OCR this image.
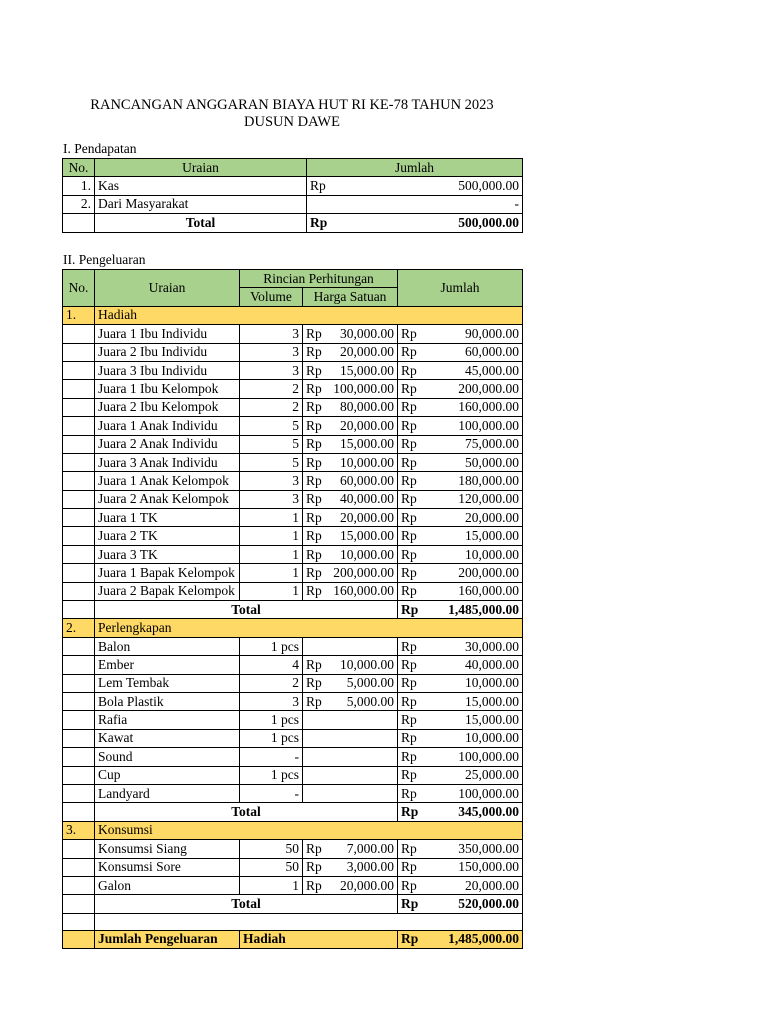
RANCANGAN ANGGARAN BIAYA HUT RI KE-78 TAHUN 2023
DUSUN DAWE
I. Pendapatan
No.	Uraian	Jumlah
1.	Kas	Rp 500,000.00

2.	Dari Masyarakat	-

	Total	Rp 500,000.00
II. Pengeluaran
No.	Uraian	Rincian Perhitungan		Jumlah
		Volume	Harga Satuan	
1.	Hadiah			
	Juara 1 Ibu Individu	3	Rp 30,000.00	Rp 90,000.00

	Juara 2 Ibu Individu	3	Rp 20,000.00	Rp 60,000.00

	Juara 3 Ibu Individu	3	Rp 15,000.00	Rp 45,000.00

	Juara 1 Ibu Kelompok	2	Rp 100,000.00	Rp 200,000.00

	Juara 2 Ibu Kelompok	2	Rp 80,000.00	Rp 160,000.00

	Juara 1 Anak Individu	5	Rp 20,000.00	Rp 100,000.00

	Juara 2 Anak Individu	5	Rp 15,000.00	Rp 75,000.00

	Juara 3 Anak Individu	5	Rp 10,000.00	Rp 50,000.00

	Juara 1 Anak Kelompok	3	Rp 60,000.00	Rp 180,000.00

	Juara 2 Anak Kelompok	3	Rp 40,000.00	Rp 120,000.00

	Juara 1 TK	1	Rp 20,000.00	Rp 20,000.00

	Juara 2 TK	1	Rp 15,000.00	Rp 15,000.00

	Juara 3 TK	1	Rp 10,000.00	Rp 10,000.00

	Juara 1 Bapak Kelompok	1	Rp 200,000.00	Rp 200,000.00

	Juara 2 Bapak Kelompok	1	Rp 160,000.00	Rp 160,000.00

	Total			Rp 1,485,000.00

2.	Perlengkapan			
	Balon	1 pcs		Rp 30,000.00

	Ember	4	Rp 10,000.00	Rp 40,000.00

	Lem Tembak	2	Rp 5,000.00	Rp 10,000.00

	Bola Plastik	3	Rp 5,000.00	Rp 15,000.00

	Rafia	1 pcs		Rp 15,000.00

	Kawat	1 pcs		Rp 10,000.00

	Sound	-		Rp 100,000.00

	Cup	1 pcs		Rp 25,000.00

	Landyard	-		Rp 100,000.00

	Total			Rp 345,000.00

3.	Konsumsi			
	Konsumsi Siang	50	Rp 7,000.00	Rp 350,000.00

	Konsumsi Sore	50	Rp 3,000.00	Rp 150,000.00

	Galon	1	Rp 20,000.00	Rp 20,000.00

	Total			Rp 520,000.00

	Jumlah Pengeluaran	Hadiah		Rp 1,485,000.00
